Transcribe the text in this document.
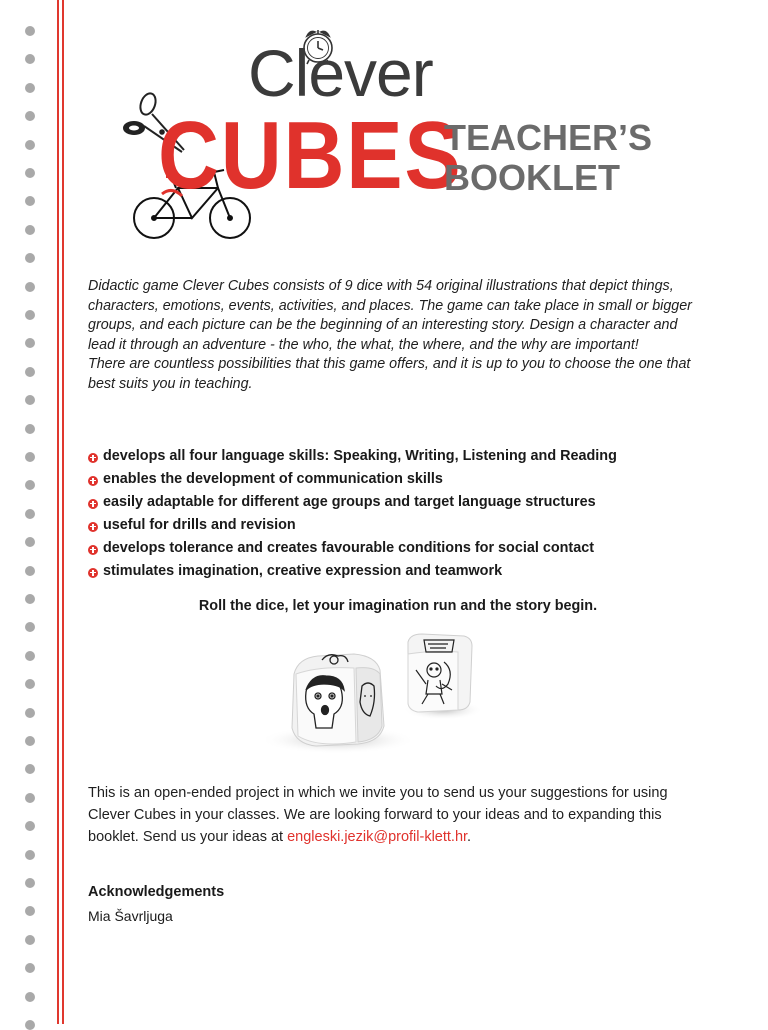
Clever
CUBES
TEACHER’S
BOOKLET
Didactic game Clever Cubes consists of 9 dice with 54 original illustrations that depict things, characters, emotions, events, activities, and places. The game can take place in small or bigger groups, and each picture can be the beginning of an interesting story. Design a character and lead it through an adventure - the who, the what, the where, and the why are important!
There are countless possibilities that this game offers, and it is up to you to choose the one that best suits you in teaching.
develops all four language skills: Speaking, Writing, Listening and Reading
enables the development of communication skills
easily adaptable for different age groups and target language structures
useful for drills and revision
develops tolerance and creates favourable conditions for social contact
stimulates imagination, creative expression and teamwork

Roll the dice, let your imagination run and the story begin.

This is an open-ended project in which we invite you to send us your suggestions for using Clever Cubes in your classes. We are looking forward to your ideas and to expanding this booklet. Send us your ideas at engleski.jezik@profil-klett.hr.

Acknowledgements

Mia Šavrljuga
